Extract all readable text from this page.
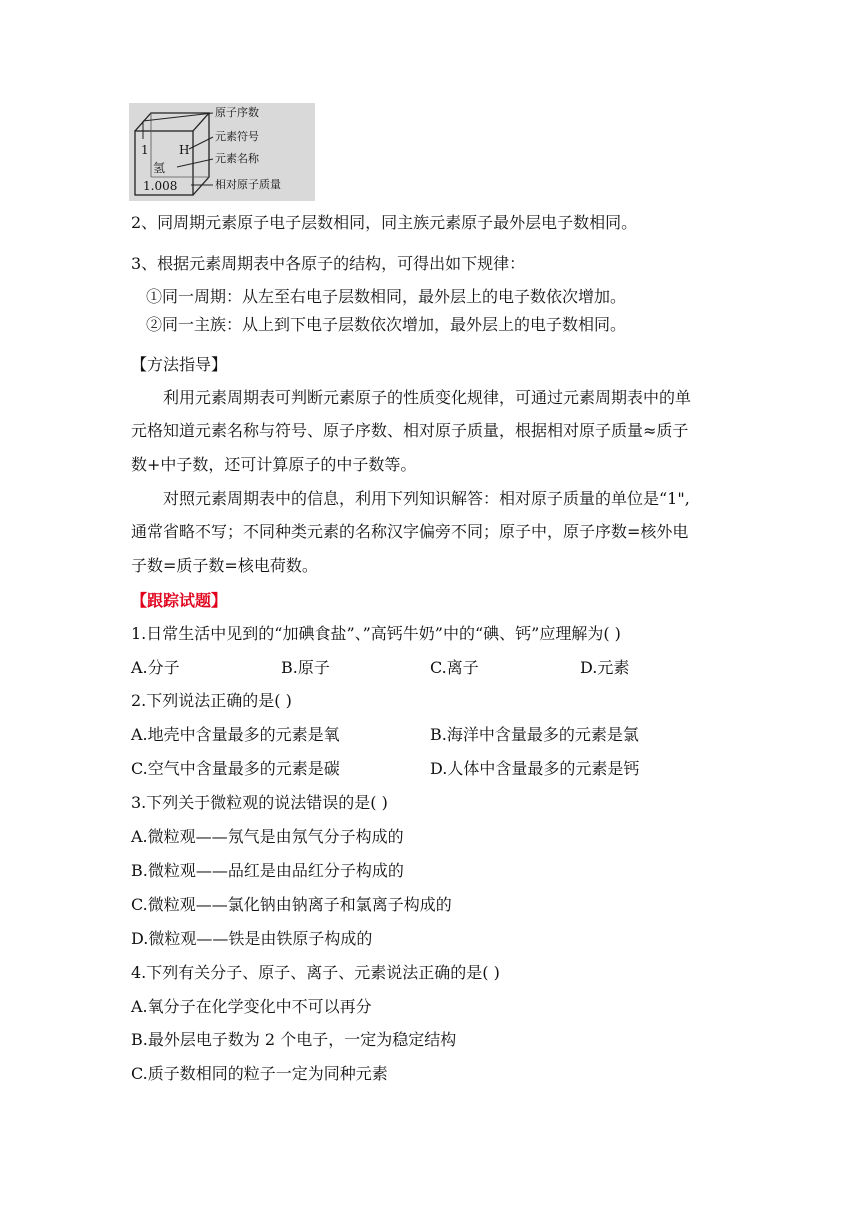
1	H
氢
1.008
原子序数
元素符号
元素名称
相对原子质量
2、同周期元素原子电子层数相同，同主族元素原子最外层电子数相同。
3、根据元素周期表中各原子的结构，可得出如下规律：
①同一周期：从左至右电子层数相同，最外层上的电子数依次增加。
②同一主族：从上到下电子层数依次增加，最外层上的电子数相同。
【方法指导】
利用元素周期表可判断元素原子的性质变化规律，可通过元素周期表中的单
元格知道元素名称与符号、原子序数、相对原子质量，根据相对原子质量≈质子
数+中子数，还可计算原子的中子数等。
对照元素周期表中的信息，利用下列知识解答：相对原子质量的单位是“1",
通常省略不写；不同种类元素的名称汉字偏旁不同；原子中，原子序数=核外电
子数=质子数=核电荷数。
【跟踪试题】
1.日常生活中见到的“加碘食盐”、”高钙牛奶”中的“碘、钙”应理解为( )
A.分子	B.原子	C.离子	D.元素
2.下列说法正确的是( )
A.地壳中含量最多的元素是氧	B.海洋中含量最多的元素是氯
C.空气中含量最多的元素是碳	D.人体中含量最多的元素是钙
3.下列关于微粒观的说法错误的是( )
A.微粒观——氖气是由氖气分子构成的
B.微粒观——品红是由品红分子构成的
C.微粒观——氯化钠由钠离子和氯离子构成的
D.微粒观——铁是由铁原子构成的
4.下列有关分子、原子、离子、元素说法正确的是( )
A.氧分子在化学变化中不可以再分
B.最外层电子数为 2 个电子，一定为稳定结构
C.质子数相同的粒子一定为同种元素
